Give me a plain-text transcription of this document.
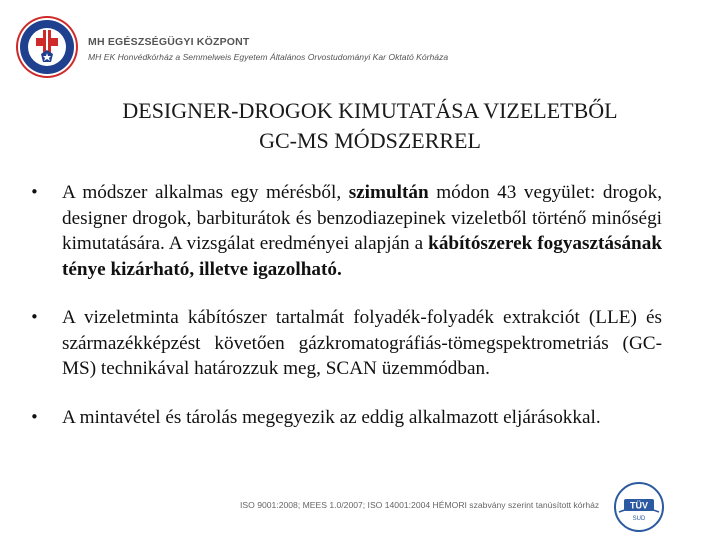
MH EGÉSZSÉGÜGYI KÖZPONT
MH EK Honvédkórház a Semmelweis Egyetem Általános Orvostudományi Kar Oktató Kórháza
DESIGNER-DROGOK KIMUTATÁSA VIZELETBŐL
GC-MS MÓDSZERREL
• A módszer alkalmas egy mérésből, szimultán módon 43 vegyület: drogok, designer drogok, barbiturátok és benzodiazepinek vizeletből történő minőségi kimutatására. A vizsgálat eredményei alapján a kábítószerek fogyasztásának ténye kizárható, illetve igazolható.
• A vizeletminta kábítószer tartalmát folyadék-folyadék extrakciót (LLE) és származékképzést követően gázkromatográfiás-tömegspektrometriás (GC-MS) technikával határozzuk meg, SCAN üzemmódban.
• A mintavétel és tárolás megegyezik az eddig alkalmazott eljárásokkal.
ISO 9001:2008; MEES 1.0/2007; ISO 14001:2004 HÉMORI szabvány szerint tanúsított kórház	TÜV
SUD
